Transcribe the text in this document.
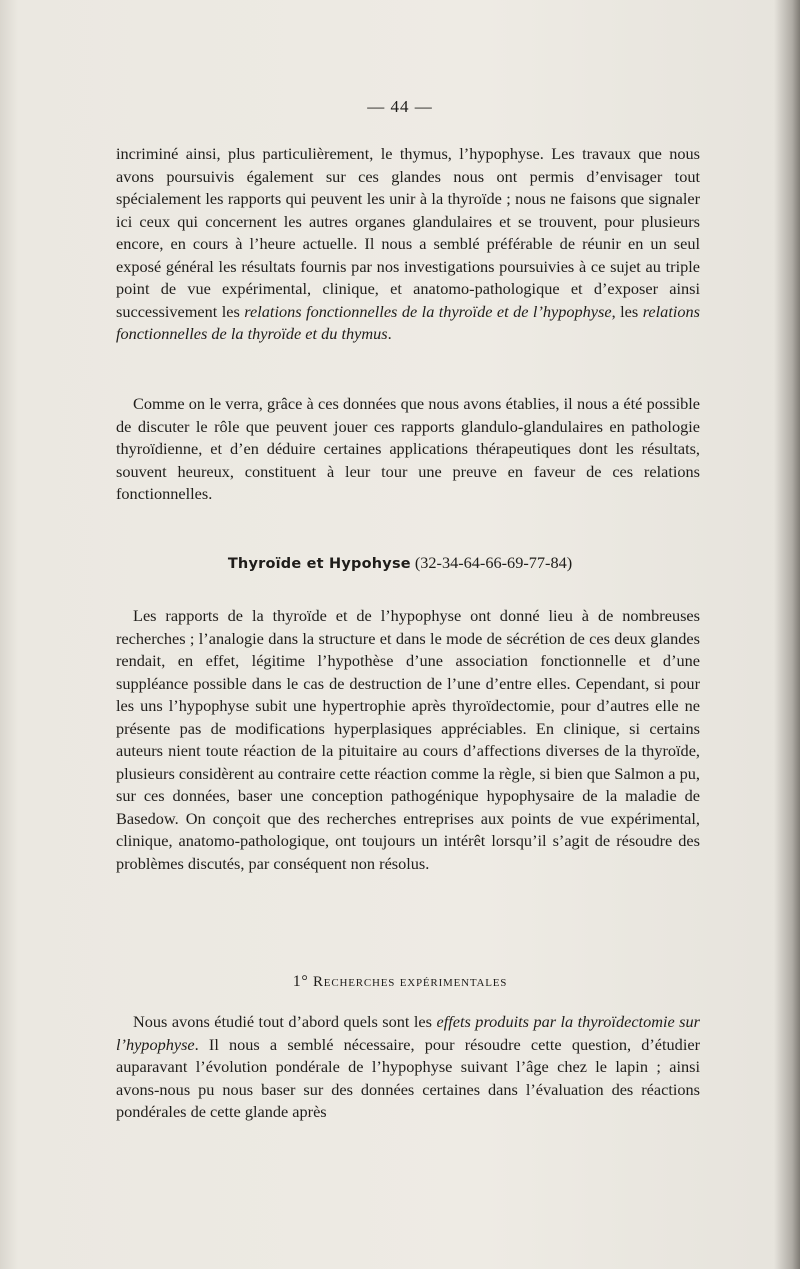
— 44 —

incriminé ainsi, plus particulièrement, le thymus, l’hypophyse. Les travaux que nous avons poursuivis également sur ces glandes nous ont permis d’envisager tout spécialement les rapports qui peuvent les unir à la thyroïde ; nous ne faisons que signaler ici ceux qui concernent les autres organes glandulaires et se trouvent, pour plusieurs encore, en cours à l’heure actuelle. Il nous a semblé préférable de réunir en un seul exposé général les résultats fournis par nos investigations poursuivies à ce sujet au triple point de vue expérimental, clinique, et anatomo-pathologique et d’exposer ainsi successivement les relations fonctionnelles de la thyroïde et de l’hypophyse, les relations fonctionnelles de la thyroïde et du thymus.

Comme on le verra, grâce à ces données que nous avons établies, il nous a été possible de discuter le rôle que peuvent jouer ces rapports glandulo-glandulaires en pathologie thyroïdienne, et d’en déduire certaines applications thérapeutiques dont les résultats, souvent heureux, constituent à leur tour une preuve en faveur de ces relations fonctionnelles.

Thyroïde et Hypohyse (32-34-64-66-69-77-84)

Les rapports de la thyroïde et de l’hypophyse ont donné lieu à de nombreuses recherches ; l’analogie dans la structure et dans le mode de sécrétion de ces deux glandes rendait, en effet, légitime l’hypothèse d’une association fonctionnelle et d’une suppléance possible dans le cas de destruction de l’une d’entre elles. Cependant, si pour les uns l’hypophyse subit une hypertrophie après thyroïdectomie, pour d’autres elle ne présente pas de modifications hyperplasiques appréciables. En clinique, si certains auteurs nient toute réaction de la pituitaire au cours d’affections diverses de la thyroïde, plusieurs considèrent au contraire cette réaction comme la règle, si bien que Salmon a pu, sur ces données, baser une conception pathogénique hypophysaire de la maladie de Basedow. On conçoit que des recherches entreprises aux points de vue expérimental, clinique, anatomo-pathologique, ont toujours un intérêt lorsqu’il s’agit de résoudre des problèmes discutés, par conséquent non résolus.

1° Recherches expérimentales

Nous avons étudié tout d’abord quels sont les effets produits par la thyroïdectomie sur l’hypophyse. Il nous a semblé nécessaire, pour résoudre cette question, d’étudier auparavant l’évolution pondérale de l’hypophyse suivant l’âge chez le lapin ; ainsi avons-nous pu nous baser sur des données certaines dans l’évaluation des réactions pondérales de cette glande après
